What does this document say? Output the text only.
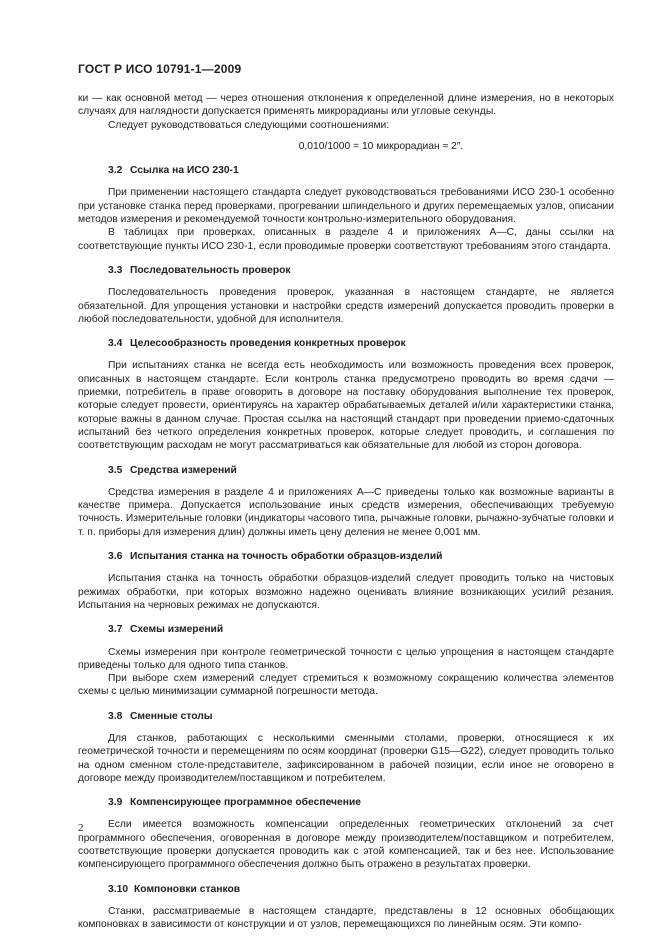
ГОСТ Р ИСО 10791-1—2009

ки — как основной метод — через отношения отклонения к определенной длине измерения, но в некоторых случаях для наглядности допускается применять микрорадианы или угловые секунды.

Следует руководствоваться следующими соотношениями:

0,010/1000 = 10 микрорадиан ≈ 2″.

3.2 Ссылка на ИСО 230-1

При применении настоящего стандарта следует руководствоваться требованиями ИСО 230-1 особенно при установке станка перед проверками, прогревании шпиндельного и других перемещаемых узлов, описании методов измерения и рекомендуемой точности контрольно-измерительного оборудования.

В таблицах при проверках, описанных в разделе 4 и приложениях А—С, даны ссылки на соответствующие пункты ИСО 230-1, если проводимые проверки соответствуют требованиям этого стандарта.

3.3 Последовательность проверок

Последовательность проведения проверок, указанная в настоящем стандарте, не является обязательной. Для упрощения установки и настройки средств измерений допускается проводить проверки в любой последовательности, удобной для исполнителя.

3.4 Целесообразность проведения конкретных проверок

При испытаниях станка не всегда есть необходимость или возможность проведения всех проверок, описанных в настоящем стандарте. Если контроль станка предусмотрено проводить во время сдачи — приемки, потребитель в праве оговорить в договоре на поставку оборудования выполнение тех проверок, которые следует провести, ориентируясь на характер обрабатываемых деталей и/или характеристики станка, которые важны в данном случае. Простая ссылка на настоящий стандарт при проведении приемо-сдаточных испытаний без четкого определения конкретных проверок, которые следует проводить, и соглашения по соответствующим расходам не могут рассматриваться как обязательные для любой из сторон договора.

3.5 Средства измерений

Средства измерения в разделе 4 и приложениях А—С приведены только как возможные варианты в качестве примера. Допускается использование иных средств измерения, обеспечивающих требуемую точность. Измерительные головки (индикаторы часового типа, рычажные головки, рычажно-зубчатые головки и т. п. приборы для измерения длин) должны иметь цену деления не менее 0,001 мм.

3.6 Испытания станка на точность обработки образцов-изделий

Испытания станка на точность обработки образцов-изделий следует проводить только на чистовых режимах обработки, при которых возможно надежно оценивать влияние возникающих усилий резания. Испытания на черновых режимах не допускаются.

3.7 Схемы измерений

Схемы измерения при контроле геометрической точности с целью упрощения в настоящем стандарте приведены только для одного типа станков.

При выборе схем измерений следует стремиться к возможному сокращению количества элементов схемы с целью минимизации суммарной погрешности метода.

3.8 Сменные столы

Для станков, работающих с несколькими сменными столами, проверки, относящиеся к их геометрической точности и перемещениям по осям координат (проверки G15—G22), следует проводить только на одном сменном столе-представителе, зафиксированном в рабочей позиции, если иное не оговорено в договоре между производителем/поставщиком и потребителем.

3.9 Компенсирующее программное обеспечение

Если имеется возможность компенсации определенных геометрических отклонений за счет программного обеспечения, оговоренная в договоре между производителем/поставщиком и потребителем, соответствующие проверки допускается проводить как с этой компенсацией, так и без нее. Использование компенсирующего программного обеспечения должно быть отражено в результатах проверки.

3.10 Компоновки станков

Станки, рассматриваемые в настоящем стандарте, представлены в 12 основных обобщающих компоновках в зависимости от конструкции и от узлов, перемещающихся по линейным осям. Эти компо-

2
